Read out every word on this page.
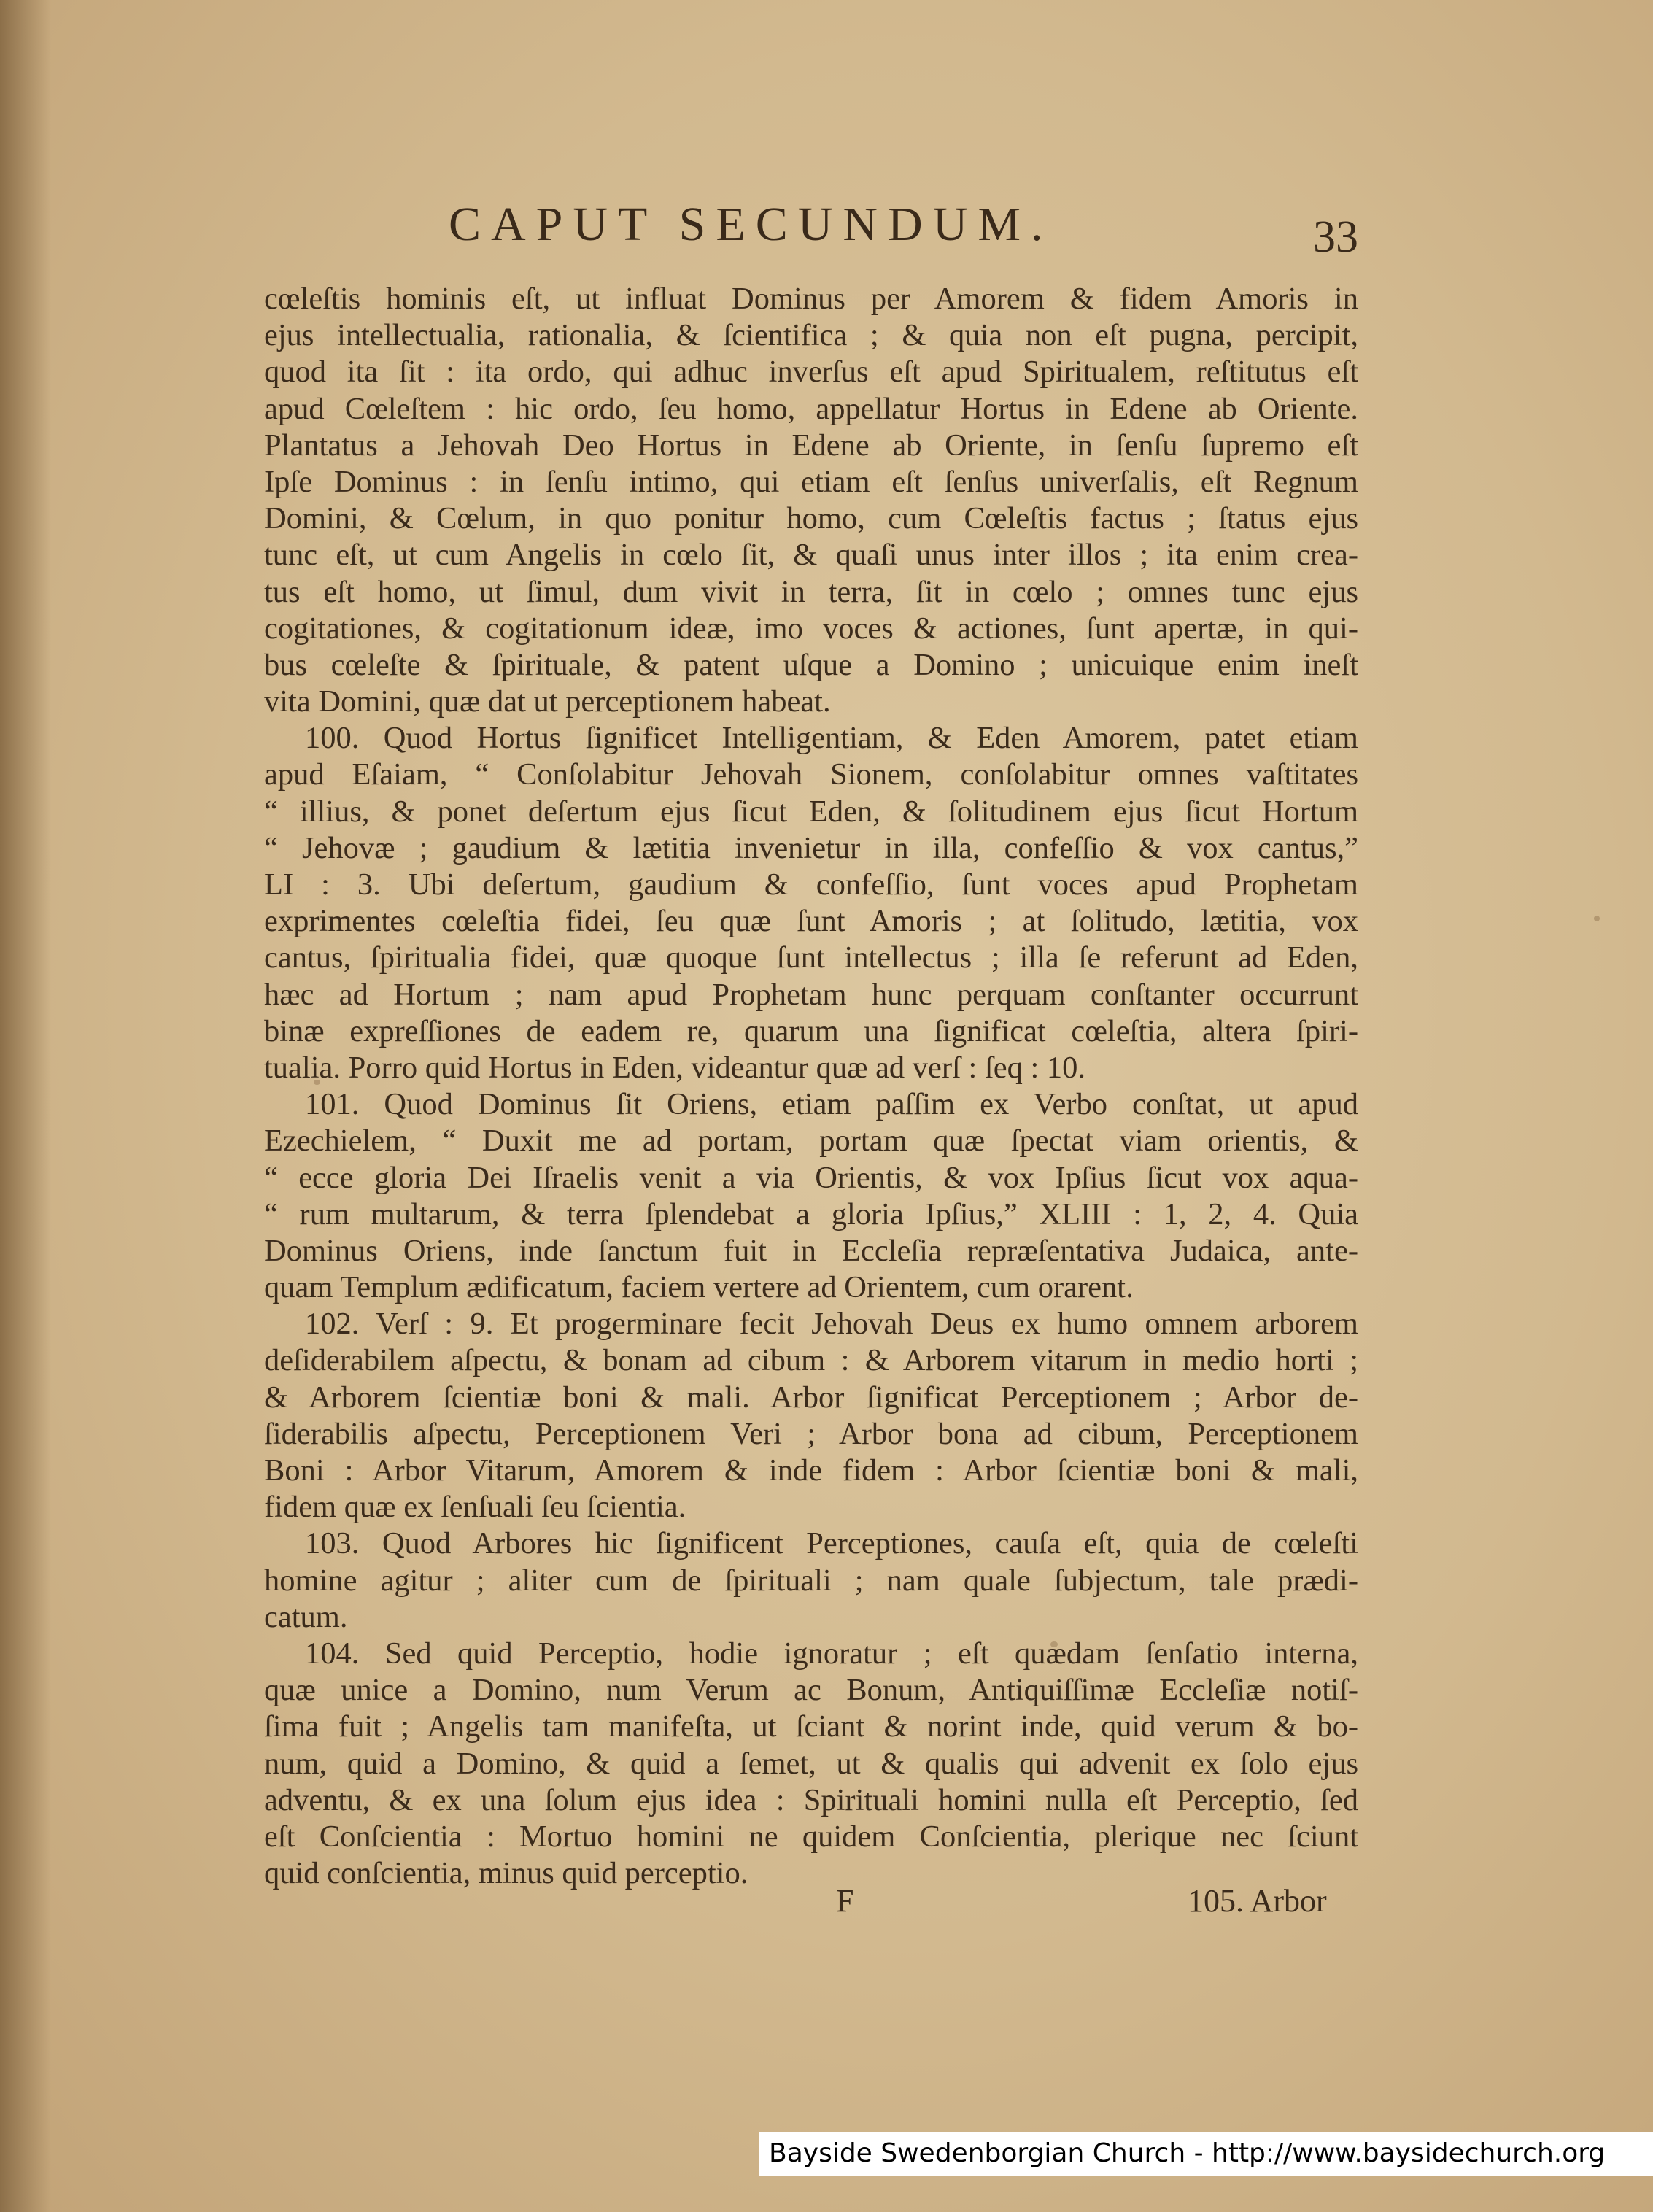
CAPUT SECUNDUM.	33
cœleſtis hominis eſt, ut influat Dominus per Amorem & fidem Amoris in
ejus intellectualia, rationalia, & ſcientifica ; & quia non eſt pugna, percipit,
quod ita ſit : ita ordo, qui adhuc inverſus eſt apud Spiritualem, reſtitutus eſt
apud Cœleſtem : hic ordo, ſeu homo, appellatur Hortus in Edene ab Oriente.
Plantatus a Jehovah Deo Hortus in Edene ab Oriente, in ſenſu ſupremo eſt
Ipſe Dominus : in ſenſu intimo, qui etiam eſt ſenſus univerſalis, eſt Regnum
Domini, & Cœlum, in quo ponitur homo, cum Cœleſtis factus ; ſtatus ejus
tunc eſt, ut cum Angelis in cœlo ſit, & quaſi unus inter illos ; ita enim crea-
tus eſt homo, ut ſimul, dum vivit in terra, ſit in cœlo ; omnes tunc ejus
cogitationes, & cogitationum ideæ, imo voces & actiones, ſunt apertæ, in qui-
bus cœleſte & ſpirituale, & patent uſque a Domino ; unicuique enim ineſt
vita Domini, quæ dat ut perceptionem habeat.
100. Quod Hortus ſignificet Intelligentiam, & Eden Amorem, patet etiam
apud Eſaiam, “ Conſolabitur Jehovah Sionem, conſolabitur omnes vaſtitates
“ illius, & ponet deſertum ejus ſicut Eden, & ſolitudinem ejus ſicut Hortum
“ Jehovæ ; gaudium & lætitia invenietur in illa, confeſſio & vox cantus,”
LI : 3. Ubi deſertum, gaudium & confeſſio, ſunt voces apud Prophetam
exprimentes cœleſtia fidei, ſeu quæ ſunt Amoris ; at ſolitudo, lætitia, vox
cantus, ſpiritualia fidei, quæ quoque ſunt intellectus ; illa ſe referunt ad Eden,
hæc ad Hortum ; nam apud Prophetam hunc perquam conſtanter occurrunt
binæ expreſſiones de eadem re, quarum una ſignificat cœleſtia, altera ſpiri-
tualia. Porro quid Hortus in Eden, videantur quæ ad verſ : ſeq : 10.
101. Quod Dominus ſit Oriens, etiam paſſim ex Verbo conſtat, ut apud
Ezechielem, “ Duxit me ad portam, portam quæ ſpectat viam orientis, &
“ ecce gloria Dei Iſraelis venit a via Orientis, & vox Ipſius ſicut vox aqua-
“ rum multarum, & terra ſplendebat a gloria Ipſius,” XLIII : 1, 2, 4. Quia
Dominus Oriens, inde ſanctum fuit in Eccleſia repræſentativa Judaica, ante-
quam Templum ædificatum, faciem vertere ad Orientem, cum orarent.
102. Verſ : 9. Et progerminare fecit Jehovah Deus ex humo omnem arborem
deſiderabilem aſpectu, & bonam ad cibum : & Arborem vitarum in medio horti ;
& Arborem ſcientiæ boni & mali. Arbor ſignificat Perceptionem ; Arbor de-
ſiderabilis aſpectu, Perceptionem Veri ; Arbor bona ad cibum, Perceptionem
Boni : Arbor Vitarum, Amorem & inde fidem : Arbor ſcientiæ boni & mali,
fidem quæ ex ſenſuali ſeu ſcientia.
103. Quod Arbores hic ſignificent Perceptiones, cauſa eſt, quia de cœleſti
homine agitur ; aliter cum de ſpirituali ; nam quale ſubjectum, tale prædi-
catum.
104. Sed quid Perceptio, hodie ignoratur ; eſt quædam ſenſatio interna,
quæ unice a Domino, num Verum ac Bonum, Antiquiſſimæ Eccleſiæ notiſ-
ſima fuit ; Angelis tam manifeſta, ut ſciant & norint inde, quid verum & bo-
num, quid a Domino, & quid a ſemet, ut & qualis qui advenit ex ſolo ejus
adventu, & ex una ſolum ejus idea : Spirituali homini nulla eſt Perceptio, ſed
eſt Conſcientia : Mortuo homini ne quidem Conſcientia, plerique nec ſciunt
quid conſcientia, minus quid perceptio.
F	105. Arbor
Bayside Swedenborgian Church - http://www.baysidechurch.org
